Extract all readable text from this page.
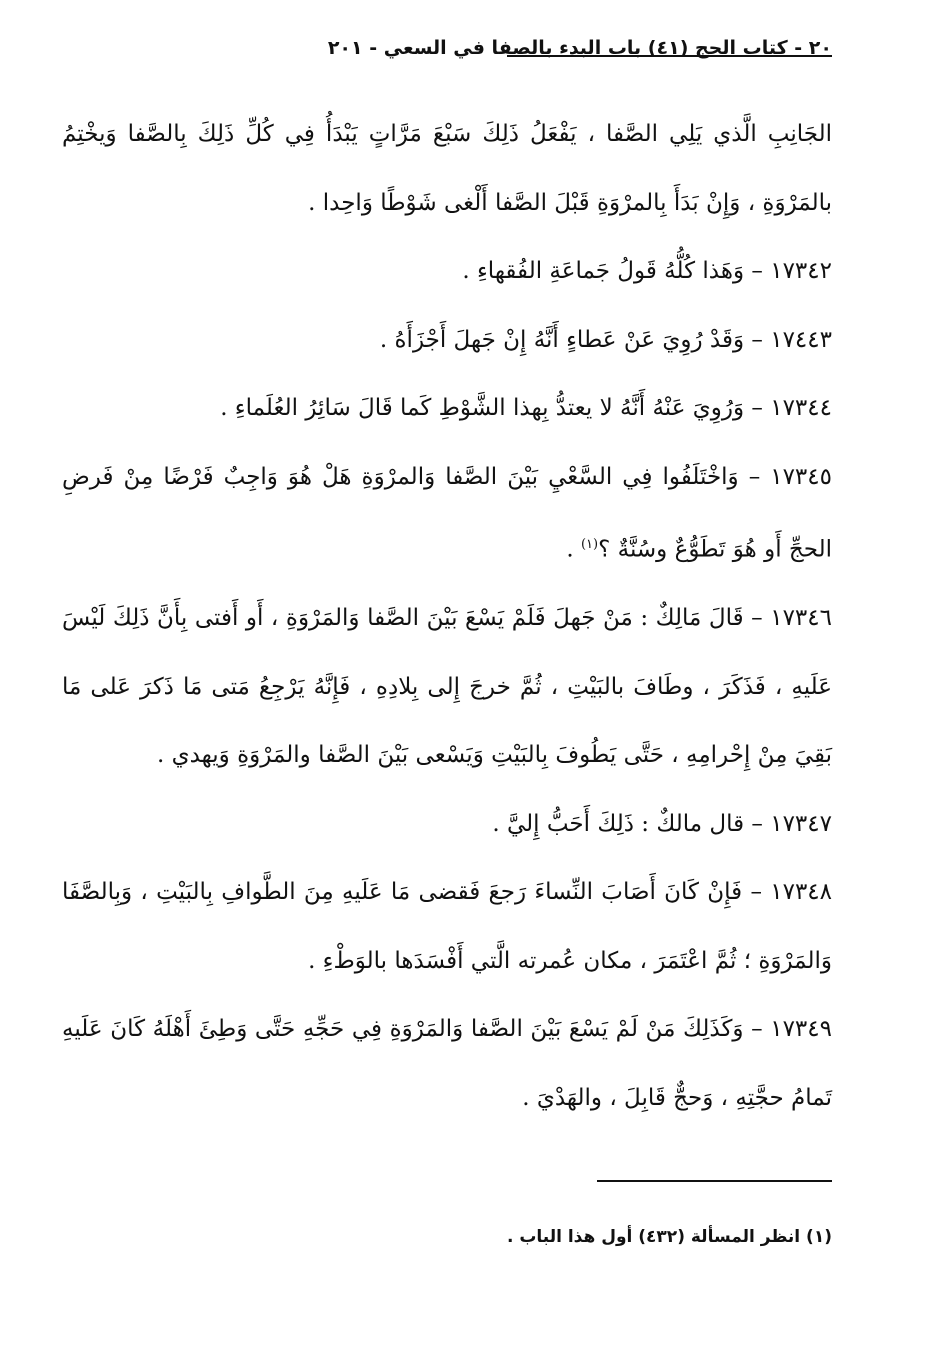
٢٠ - كتاب الحج (٤١) باب البدء بالصفا في السعي - ٢٠١

الجَانِبِ الَّذي يَلِي الصَّفا ، يَفْعَلُ ذَلِكَ سَبْعَ مَرَّاتٍ يَبْدَأُ فِي كُلِّ ذَلِكَ بِالصَّفا وَيخْتِمُ بالمَرْوَةِ ، وَإِنْ بَدَأَ بِالمرْوَةِ قَبْلَ الصَّفا أَلْغى شَوْطًا وَاحِدا .

١٧٣٤٢ – وَهَذا كُلُّهُ قَولُ جَماعَةِ الفُقهاءِ .

١٧٤٤٣ – وَقَدْ رُوِيَ عَنْ عَطاءٍ أَنَّهُ إِنْ جَهلَ أَجْزَأَهُ .

١٧٣٤٤ – وَرُوِيَ عَنْهُ أَنَّهُ لا يعتدُّ بِهذا الشَّوْطِ كَما قَالَ سَائِرُ العُلَماءِ .

١٧٣٤٥ – وَاخْتَلَفُوا فِي السَّعْيِ بَيْنَ الصَّفا وَالمرْوَةِ هَلْ هُوَ وَاجِبٌ فَرْضًا مِنْ فَرضِ الحجِّ أَو هُوَ تَطَوُّعٌ وسُنَّةٌ ؟$^{(١)}$ .

١٧٣٤٦ – قَالَ مَالِكٌ : مَنْ جَهلَ فَلَمْ يَسْعَ بَيْنَ الصَّفا وَالمَرْوَةِ ، أَو أَفتى بِأَنَّ ذَلِكَ لَيْسَ عَلَيهِ ، فَذَكَرَ ، وطَافَ بالبَيْتِ ، ثُمَّ خرجَ إِلى بِلادِهِ ، فَإِنَّهُ يَرْجِعُ مَتى مَا ذَكرَ عَلى مَا بَقِيَ مِنْ إِحْرامِهِ ، حَتَّى يَطُوفَ بِالبَيْتِ وَيَسْعى بَيْنَ الصَّفا والمَرْوَةِ وَيهدي .

١٧٣٤٧ – قال مالكٌ : ذَلِكَ أَحَبُّ إِليَّ .

١٧٣٤٨ – فَإِنْ كَانَ أَصَابَ النِّساءَ رَجعَ فَقضى مَا عَلَيهِ مِنَ الطَّوافِ بِالبَيْتِ ، وَبِالصَّفَا وَالمَرْوَةِ ؛ ثُمَّ اعْتَمَرَ ، مكان عُمرته الَّتي أَفْسَدَها بالوَطْءِ .

١٧٣٤٩ – وَكَذَلِكَ مَنْ لَمْ يَسْعَ بَيْنَ الصَّفا وَالمَرْوَةِ فِي حَجِّهِ حَتَّى وَطِئَ أَهْلَهُ كَانَ عَلَيهِ تَمامُ حجَّتِهِ ، وَحجٌّ قَابِلَ ، والهَدْيَ .

(١) انظر المسألة (٤٣٢) أول هذا الباب .
